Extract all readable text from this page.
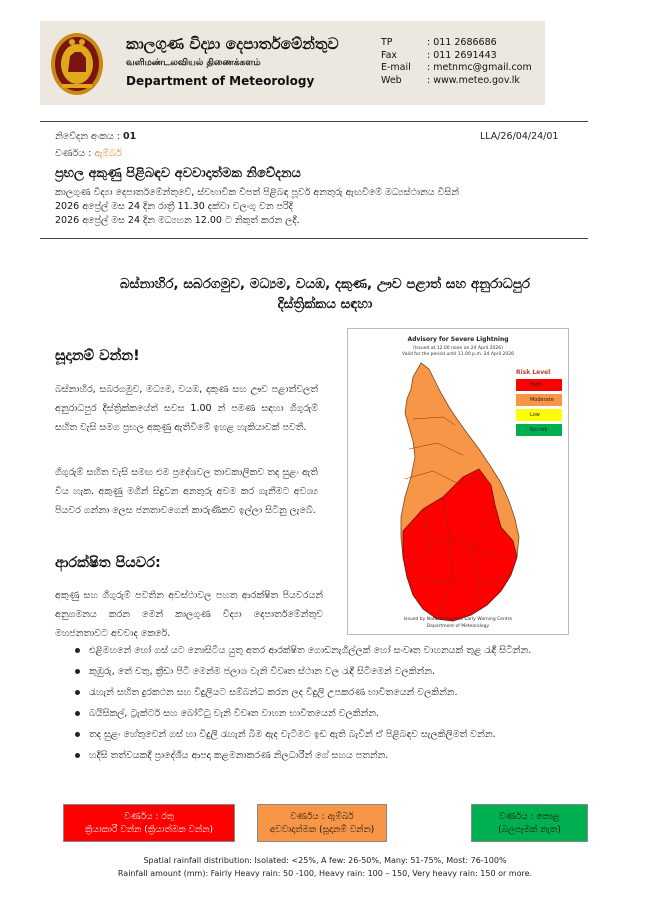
කාලගුණ විද්‍යා දෙපාර්තමේන්තුව
வளிமண்டலவியல் திணைக்களம்
Department of Meteorology
TP	: 011 2686686
Fax	: 011 2691443
E-mail : metnmc@gmail.com
Web	: www.meteo.gov.lk
නිවේදන අංකය : 01
වර්ණය : ඇම්බර්
LLA/26/04/24/01
ප්‍රභල අකුණු පිළිබඳව අවවාදාත්මක නිවේදනය
කාලගුණ විද්‍යා දෙපාර්තමේන්තුවේ, ස්වභාවික විපත් පිළිබඳ පූර්ව අනතුරු ඇඟවීමේ මධ්‍යස්ථානය විසින්
2026 අප්‍රේල් මස 24 දින රාත්‍රී 11.30 දක්වා වලංගු වන පරිදි
2026 අප්‍රේල් මස 24 දින මධ්‍යහන 12.00 ට නිකුත් කරන ලදී.
බස්නාහිර, සබරගමුව, මධ්‍යම, වයඹ, දකුණ, ඌව පළාත් සහ අනුරාධපුර
දිස්ත්‍රික්කය සඳහා
සූදානම් වන්න!
බස්නාහිර, සබරගමුව, මධ්‍යම, වයඹ, දකුණ සහ ඌව පළාත්වලත් අනුරාධපුර දිස්ත්‍රික්කයේත් සවස 1.00 න් පමණ සඳහා ගිගුරුම් සහිත වැසි සමග ප්‍රභල අකුණු ඇතිවීමේ ඉහළ හැකියාවක් පවතී.
ගිගුරුම් සහිත වැසි සමඟ එම ප්‍රදේශවල තාවකාලිකව තද සුළං ඇති විය හැක. අකුණු මගින් සිදුවන අනතුරු අවම කර ගැනීමට අවශ්‍ය පියවර ගන්නා ලෙස ජනතාවගෙන් කාරුණිකව ඉල්ලා සිටිනු ලැබේ.
ආරක්ෂිත පියවර:
අකුණු සහ ගිගුරුම් පවතින අවස්ථාවල පහත ආරක්ෂිත පියවරයන් අනුගමනය කරන මෙන් කාලගුණ විද්‍යා දෙපාර්තමේන්තුව මහජනතාවට අවවාද කෙරේ.
එළිමහනේ හෝ ගස් යට නොසිටිය යුතු අතර ආරක්ෂිත ගොඩනැගිල්ලක් හෝ සංවෘත වාහනයක් තුළ රැඳී සිටින්න.
කුඹුරු, තේ වතු, ක්‍රීඩා පිටි මෙන්ම ජලාශ වැනි විවෘත ස්ථාන වල රැඳී සිටීමෙන් වලකින්න.
රැහැන් සහිත දුරකථන සහ විදුලියට සම්බන්ධ කරන ලද විදුලි උපකරණ භාවිතයෙන් වලකින්න.
බයිසිකල්, ට්‍රැක්ටර් සහ බෝට්ටු වැනි විවෘත වාහන භාවිතයෙන් වලකින්න.
තද සුළං හේතුවෙන් ගස් හා විදුලි රැහැන් බිම ඇද වැටීමට ඉඩ ඇති බැවින් ඒ පිළිබඳව සැලකිලිමත් වන්න.
හදිසි තත්වයකදී ප්‍රාදේශීය ආපදා කළමනාකරණ නිලධාරීන් ගේ සහය පතන්න.
Advisory for Severe Lightning
(Issued at 12.00 noon on 24 April 2026)
Valid for the period until 11.00 p.m. 24 April 2026
Risk Level
High
Moderate
Low
No risk
Issued by Natural Hazards Early Warning Centre
Department of Meteorology
වර්ණය : රතු
ක්‍රියාකාරී වන්න (ක්‍රියාත්මක වන්න)
වර්ණය : ඇම්බර්
අවවාදාත්මක (සූදානම් වන්න)
වර්ණය : කොළ
(බලපෑමක් නැත)
Spatial rainfall distribution: Isolated: <25%, A few: 26-50%, Many: 51-75%, Most: 76-100%
Rainfall amount (mm): Fairly Heavy rain: 50 -100, Heavy rain: 100 – 150, Very heavy rain: 150 or more.
